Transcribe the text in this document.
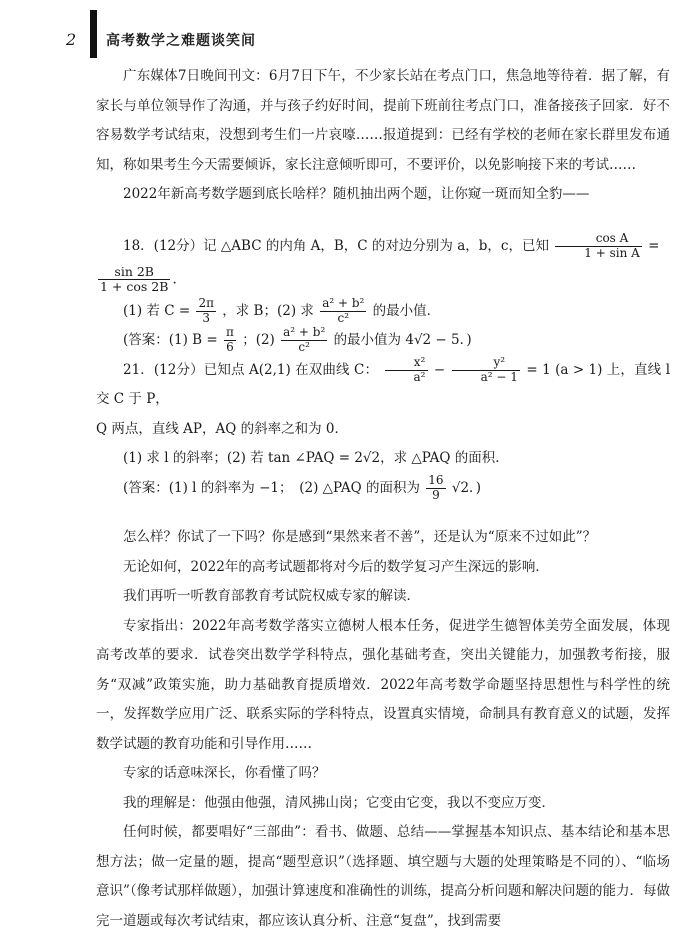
2 高考数学之难题谈笑间

广东媒体7日晚间刊文：6月7日下午，不少家长站在考点门口，焦急地等待着．据了解，有家长与单位领导作了沟通，并与孩子约好时间，提前下班前往考点门口，准备接孩子回家．好不容易数学考试结束，没想到考生们一片哀嚎……报道提到：已经有学校的老师在家长群里发布通知，称如果考生今天需要倾诉，家长注意倾听即可，不要评价，以免影响接下来的考试……

2022年新高考数学题到底长啥样？随机抽出两个题，让你窥一斑而知全豹——

18．(12分）记 △ABC 的内角 A，B，C 的对边分别为 a，b，c，已知 $\frac{\text{cos A}}{\text{1 + sin A}}$ =

$\frac{\sin 2B}{1 + \cos 2B}$ .

(1) 若 $C = \frac{2\pi}{3}$ ，求 B；(2) 求 $\frac{\text{a² + b²}}{\text{c²}}$ 的最小值．

(答案：(1) $B = \frac{\pi}{6}$ ；$(2) \frac{\text{a² + b²}}{\text{c²}}$ 的最小值为 4√2 − 5．)

21．(12分）已知点 A(2,1) 在双曲线 C： $\frac{\text{x²}}{\text{a²}} - \frac{\text{y²}}{\text{a² − 1}} = 1$ (a > 1) 上，直线 l 交 C 于 P，

Q 两点，直线 AP，AQ 的斜率之和为 0．

(1) 求 l 的斜率；(2) 若 tan ∠PAQ = 2√2，求 △PAQ 的面积．

(答案：(1) l 的斜率为 −1；　(2) △PAQ 的面积为 $\frac{16}{9} √2$．)

怎么样？你试了一下吗？你是感到“果然来者不善”，还是认为“原来不过如此”？

无论如何，2022年的高考试题都将对今后的数学复习产生深远的影响．

我们再听一听教育部教育考试院权威专家的解读．

专家指出：2022年高考数学落实立德树人根本任务，促进学生德智体美劳全面发展，体现高考改革的要求．试卷突出数学学科特点，强化基础考查，突出关键能力，加强教考衔接，服务“双减”政策实施，助力基础教育提质增效．2022年高考数学命题坚持思想性与科学性的统一，发挥数学应用广泛、联系实际的学科特点，设置真实情境，命制具有教育意义的试题，发挥数学试题的教育功能和引导作用……

专家的话意味深长，你看懂了吗？

我的理解是：他强由他强，清风拂山岗；它变由它变，我以不变应万变．

任何时候，都要唱好“三部曲”：看书、做题、总结——掌握基本知识点、基本结论和基本思想方法；做一定量的题，提高“题型意识”（选择题、填空题与大题的处理策略是不同的）、“临场意识”（像考试那样做题），加强计算速度和准确性的训练，提高分析问题和解决问题的能力．每做完一道题或每次考试结束，都应该认真分析、注意“复盘”，找到需要
